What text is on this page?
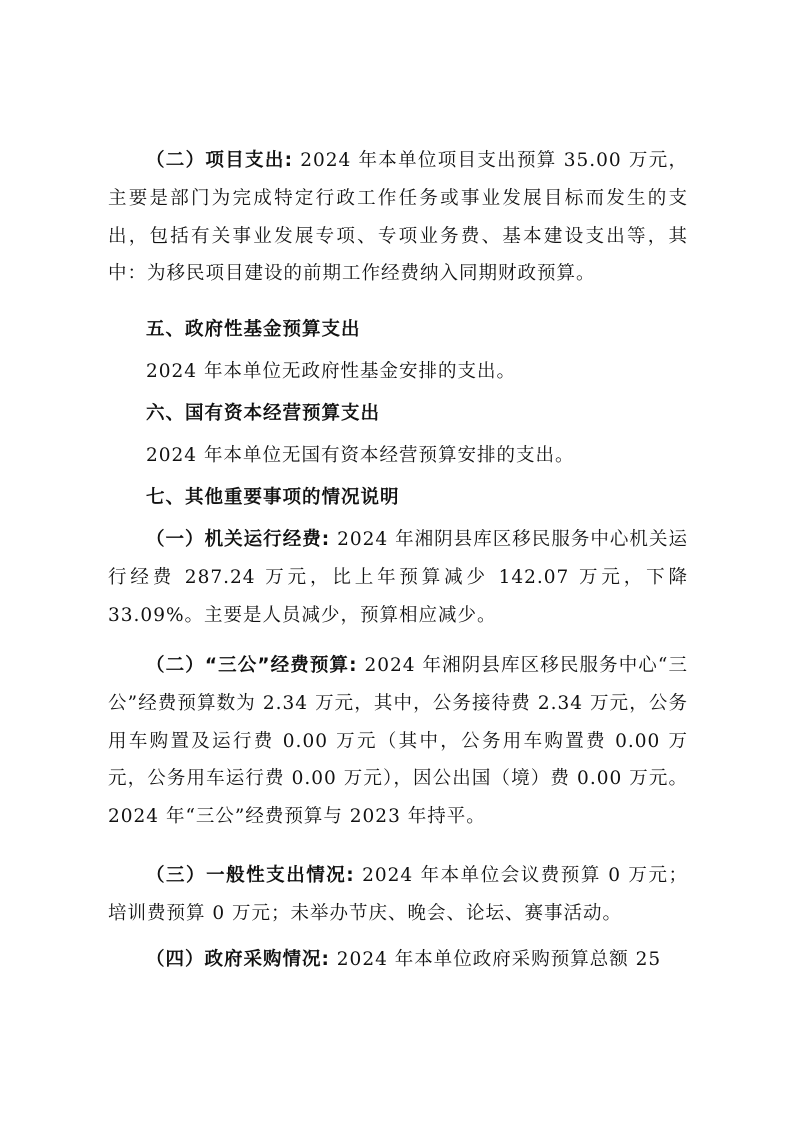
（二）项目支出: 2024 年本单位项目支出预算 35.00 万元，主要是部门为完成特定行政工作任务或事业发展目标而发生的支出，包括有关事业发展专项、专项业务费、基本建设支出等，其中：为移民项目建设的前期工作经费纳入同期财政预算。

五、政府性基金预算支出

2024 年本单位无政府性基金安排的支出。

六、国有资本经营预算支出

2024 年本单位无国有资本经营预算安排的支出。

七、其他重要事项的情况说明

（一）机关运行经费: 2024 年湘阴县库区移民服务中心机关运行经费 287.24 万元，比上年预算减少 142.07 万元，下降 33.09%。主要是人员减少，预算相应减少。

（二）“三公”经费预算: 2024 年湘阴县库区移民服务中心“三公”经费预算数为 2.34 万元，其中，公务接待费 2.34 万元，公务用车购置及运行费 0.00 万元（其中，公务用车购置费 0.00 万元，公务用车运行费 0.00 万元），因公出国（境）费 0.00 万元。2024 年“三公”经费预算与 2023 年持平。

（三）一般性支出情况: 2024 年本单位会议费预算 0 万元；培训费预算 0 万元；未举办节庆、晚会、论坛、赛事活动。

（四）政府采购情况: 2024 年本单位政府采购预算总额 25
